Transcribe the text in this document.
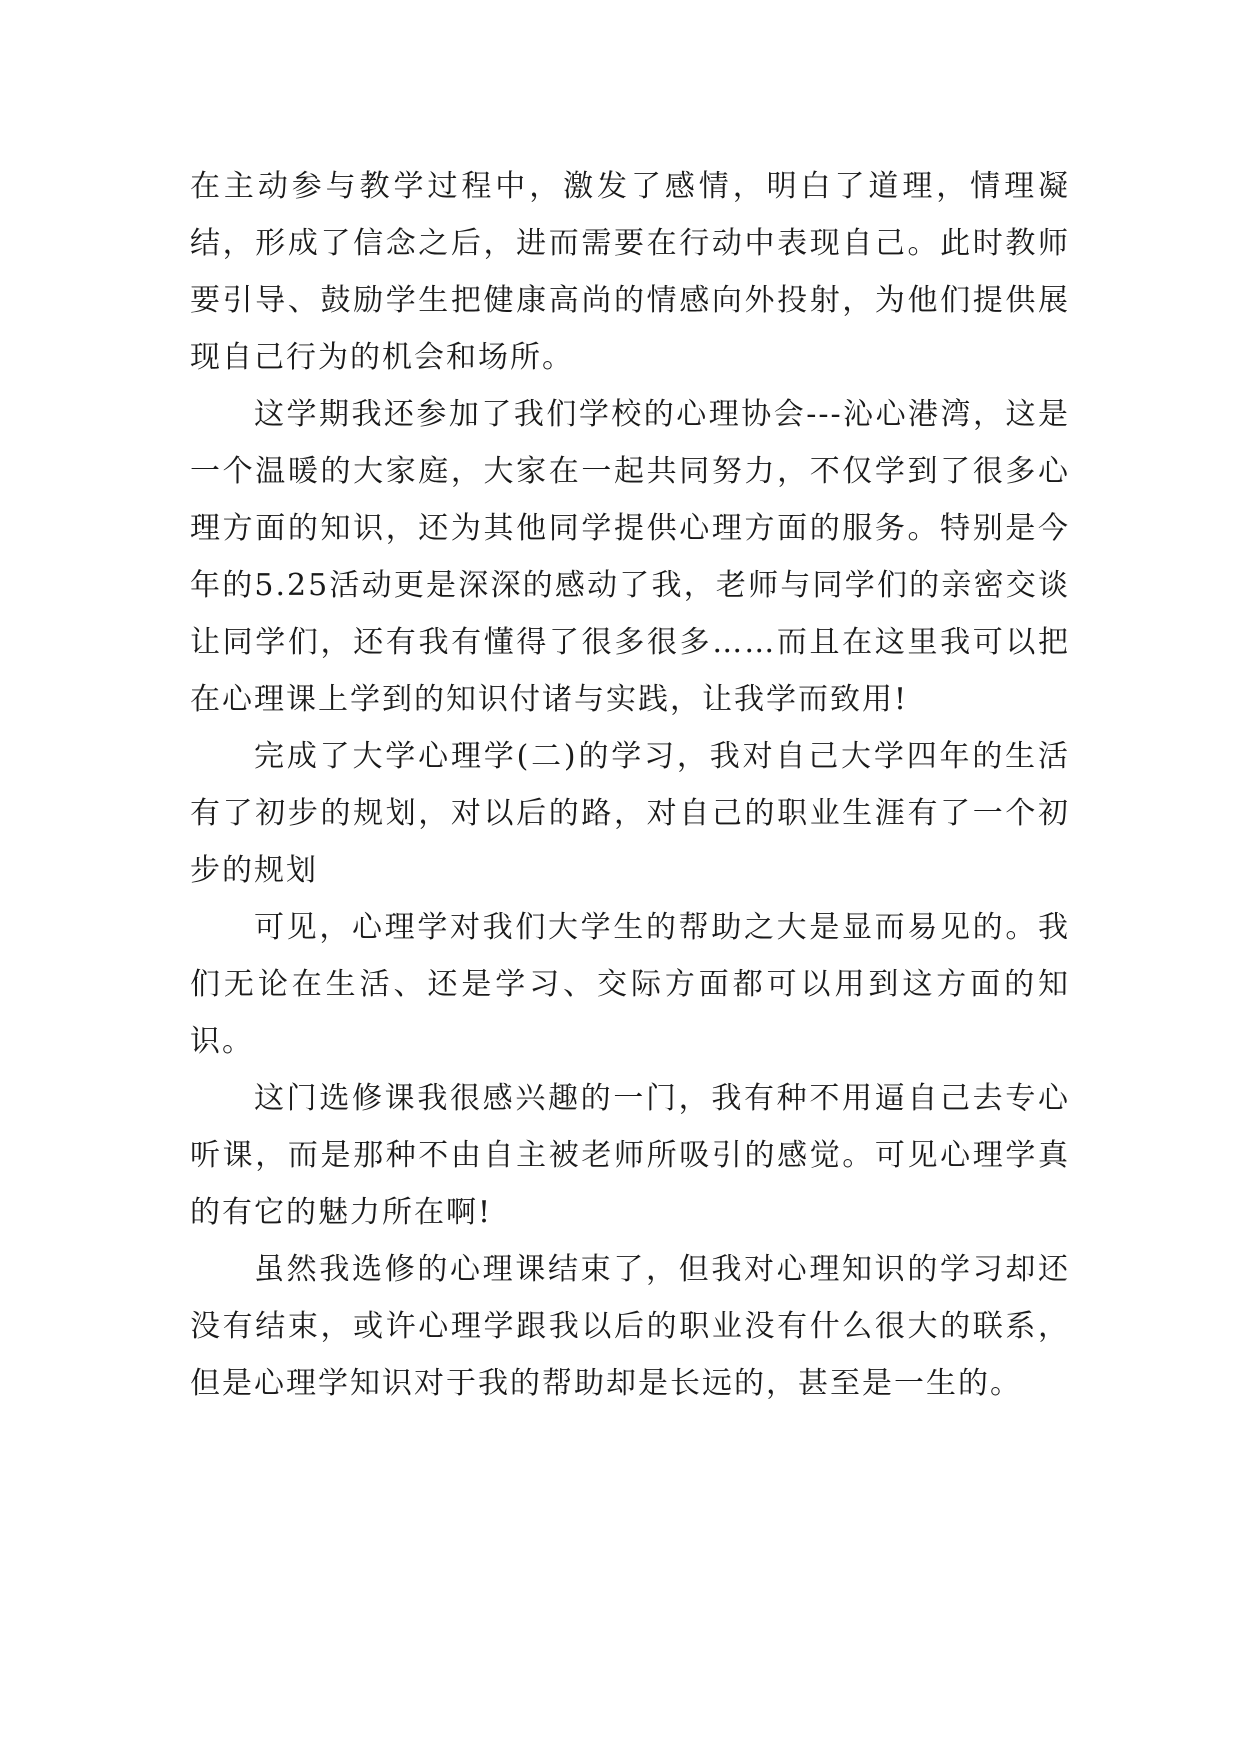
在主动参与教学过程中，激发了感情，明白了道理，情理凝结，形成了信念之后，进而需要在行动中表现自己。此时教师要引导、鼓励学生把健康高尚的情感向外投射，为他们提供展现自己行为的机会和场所。

这学期我还参加了我们学校的心理协会---沁心港湾，这是一个温暖的大家庭，大家在一起共同努力，不仅学到了很多心理方面的知识，还为其他同学提供心理方面的服务。特别是今年的5.25活动更是深深的感动了我，老师与同学们的亲密交谈让同学们，还有我有懂得了很多很多……而且在这里我可以把在心理课上学到的知识付诸与实践，让我学而致用!

完成了大学心理学(二)的学习，我对自己大学四年的生活有了初步的规划，对以后的路，对自己的职业生涯有了一个初步的规划

可见，心理学对我们大学生的帮助之大是显而易见的。我们无论在生活、还是学习、交际方面都可以用到这方面的知识。

这门选修课我很感兴趣的一门，我有种不用逼自己去专心听课，而是那种不由自主被老师所吸引的感觉。可见心理学真的有它的魅力所在啊!

虽然我选修的心理课结束了，但我对心理知识的学习却还没有结束，或许心理学跟我以后的职业没有什么很大的联系，但是心理学知识对于我的帮助却是长远的，甚至是一生的。
